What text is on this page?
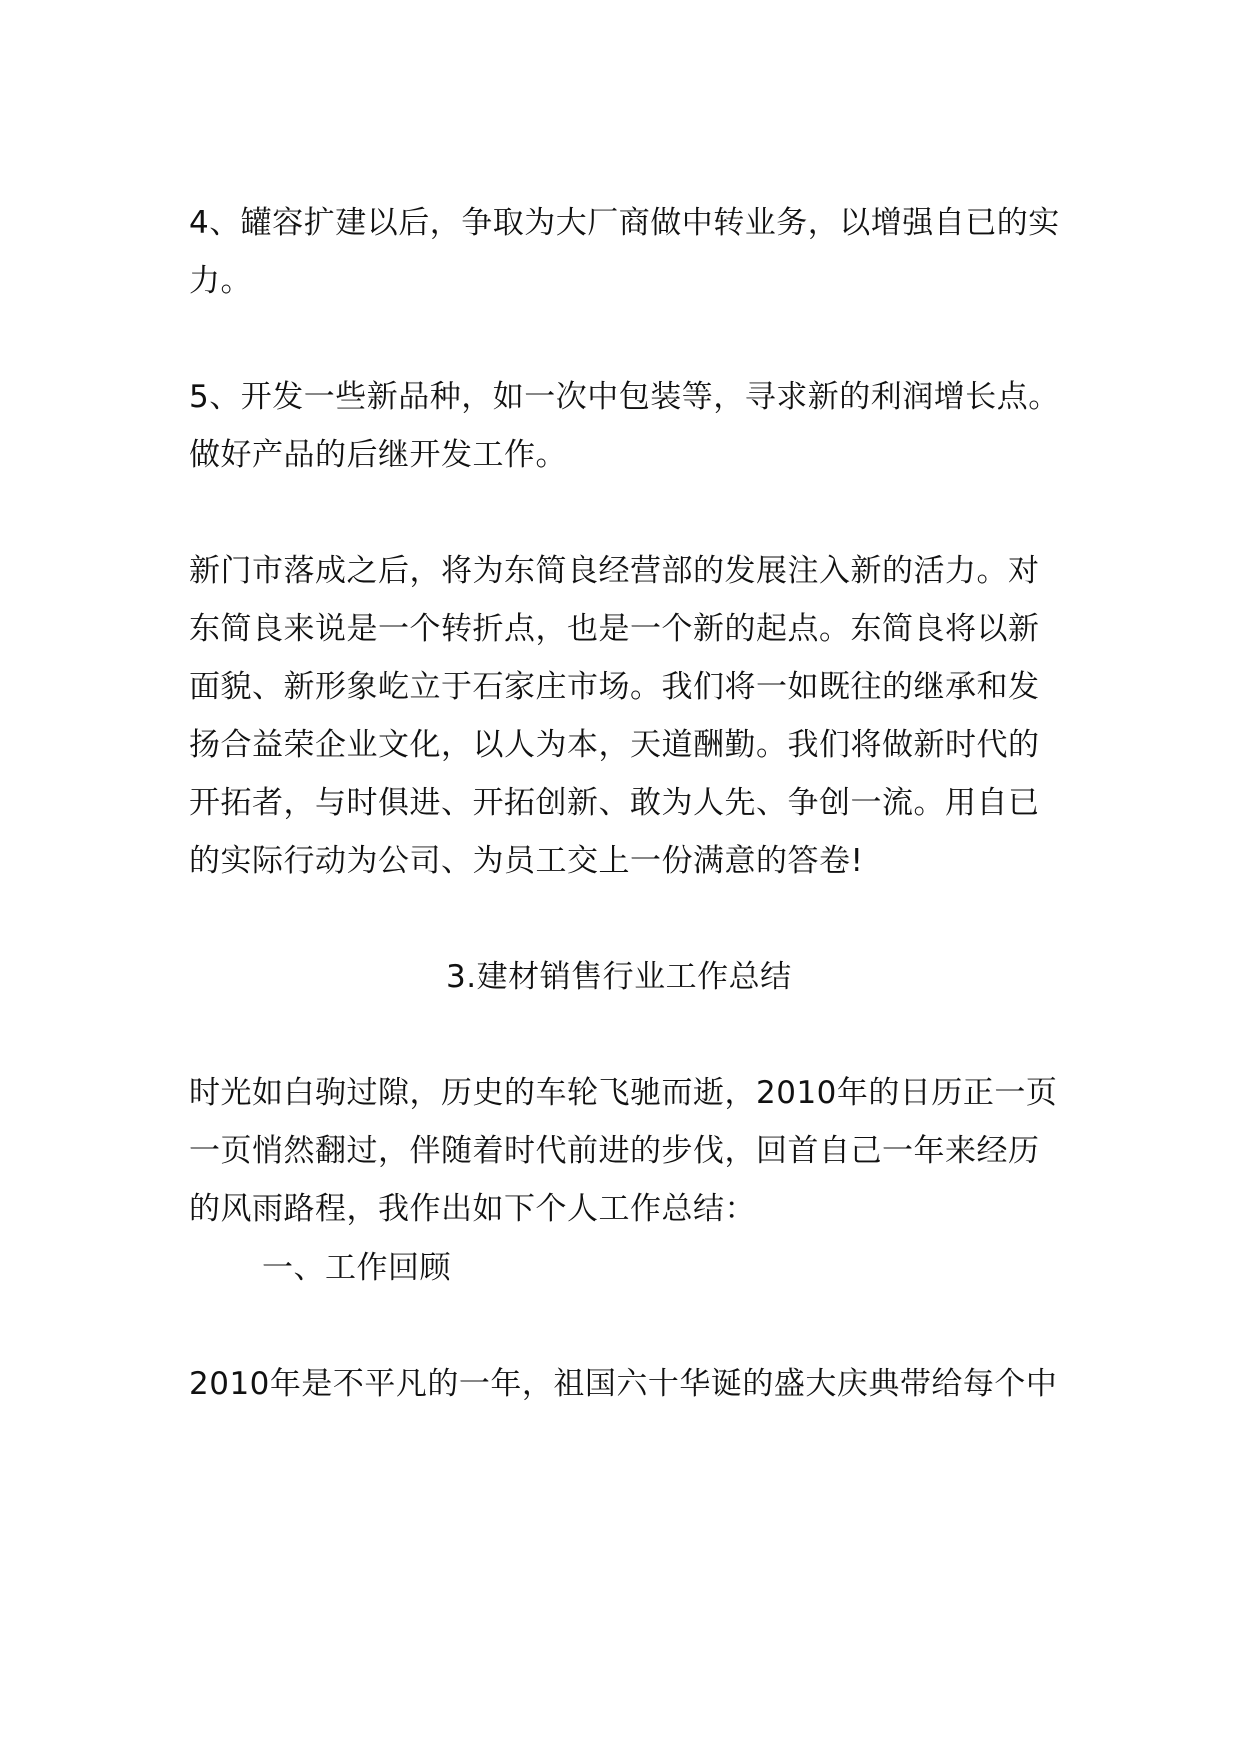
4、罐容扩建以后，争取为大厂商做中转业务，以增强自已的实
力。
5、开发一些新品种，如一次中包装等，寻求新的利润增长点。
做好产品的后继开发工作。
新门市落成之后，将为东简良经营部的发展注入新的活力。对
东简良来说是一个转折点，也是一个新的起点。东简良将以新
面貌、新形象屹立于石家庄市场。我们将一如既往的继承和发
扬合益荣企业文化，以人为本，天道酬勤。我们将做新时代的
开拓者，与时俱进、开拓创新、敢为人先、争创一流。用自已
的实际行动为公司、为员工交上一份满意的答卷!
3.建材销售行业工作总结
时光如白驹过隙，历史的车轮飞驰而逝，2010年的日历正一页
一页悄然翻过，伴随着时代前进的步伐，回首自己一年来经历
的风雨路程，我作出如下个人工作总结：
一、工作回顾
2010年是不平凡的一年，祖国六十华诞的盛大庆典带给每个中
